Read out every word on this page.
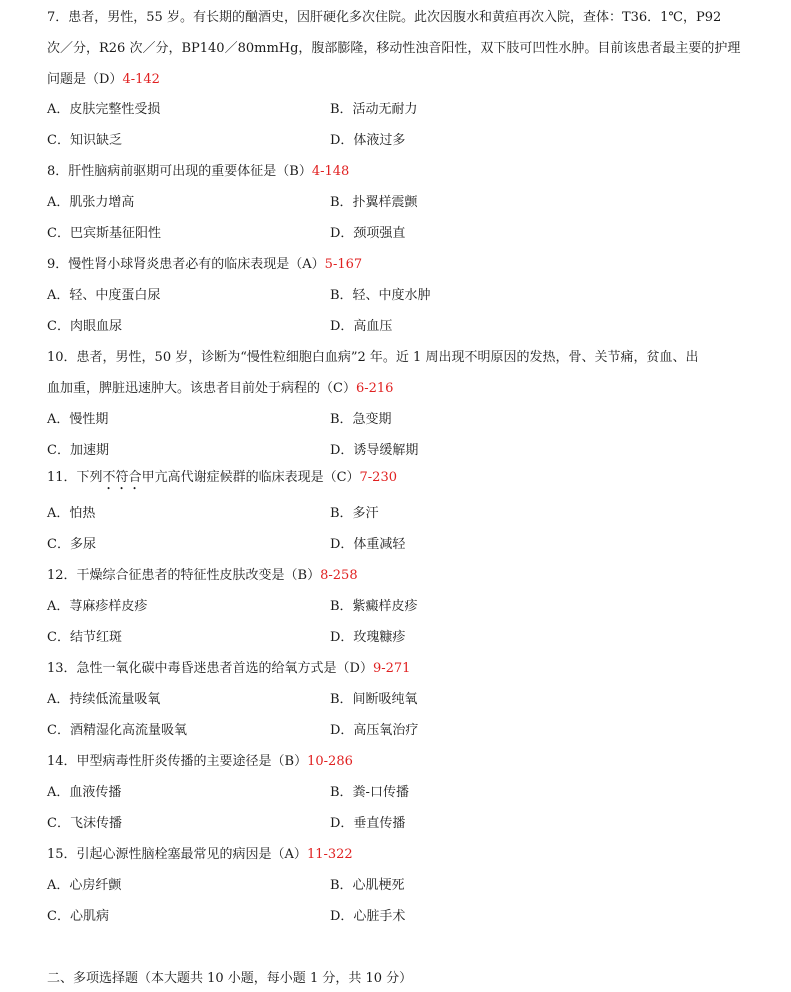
7．患者，男性，55 岁。有长期的酗酒史，因肝硬化多次住院。此次因腹水和黄疸再次入院，查体：T36．1℃，P92
次／分，R26 次／分，BP140／80mmHg，腹部膨隆，移动性浊音阳性，双下肢可凹性水肿。目前该患者最主要的护理
问题是（D）4-142
A．皮肤完整性受损	B．活动无耐力
C．知识缺乏	D．体液过多
8．肝性脑病前驱期可出现的重要体征是（B）4-148
A．肌张力增高	B．扑翼样震颤
C．巴宾斯基征阳性	D．颈项强直
9．慢性肾小球肾炎患者必有的临床表现是（A）5-167
A．轻、中度蛋白尿	B．轻、中度水肿
C．肉眼血尿	D．高血压
10．患者，男性，50 岁，诊断为“慢性粒细胞白血病”2 年。近 1 周出现不明原因的发热，骨、关节痛，贫血、出
血加重，脾脏迅速肿大。该患者目前处于病程的（C）6-216
A．慢性期	B．急变期
C．加速期	D．诱导缓解期
11．下列不符合甲亢高代谢症候群的临床表现是（C）7-230
A．怕热	B．多汗
C．多尿	D．体重减轻
12．干燥综合征患者的特征性皮肤改变是（B）8-258
A．荨麻疹样皮疹	B．紫癜样皮疹
C．结节红斑	D．玫瑰糠疹
13．急性一氧化碳中毒昏迷患者首选的给氧方式是（D）9-271
A．持续低流量吸氧	B．间断吸纯氧
C．酒精湿化高流量吸氧	D．高压氧治疗
14．甲型病毒性肝炎传播的主要途径是（B）10-286
A．血液传播	B．粪-口传播
C．飞沫传播	D．垂直传播
15．引起心源性脑栓塞最常见的病因是（A）11-322
A．心房纤颤	B．心肌梗死
C．心肌病	D．心脏手术
二、多项选择题（本大题共 10 小题，每小题 1 分，共 10 分）
